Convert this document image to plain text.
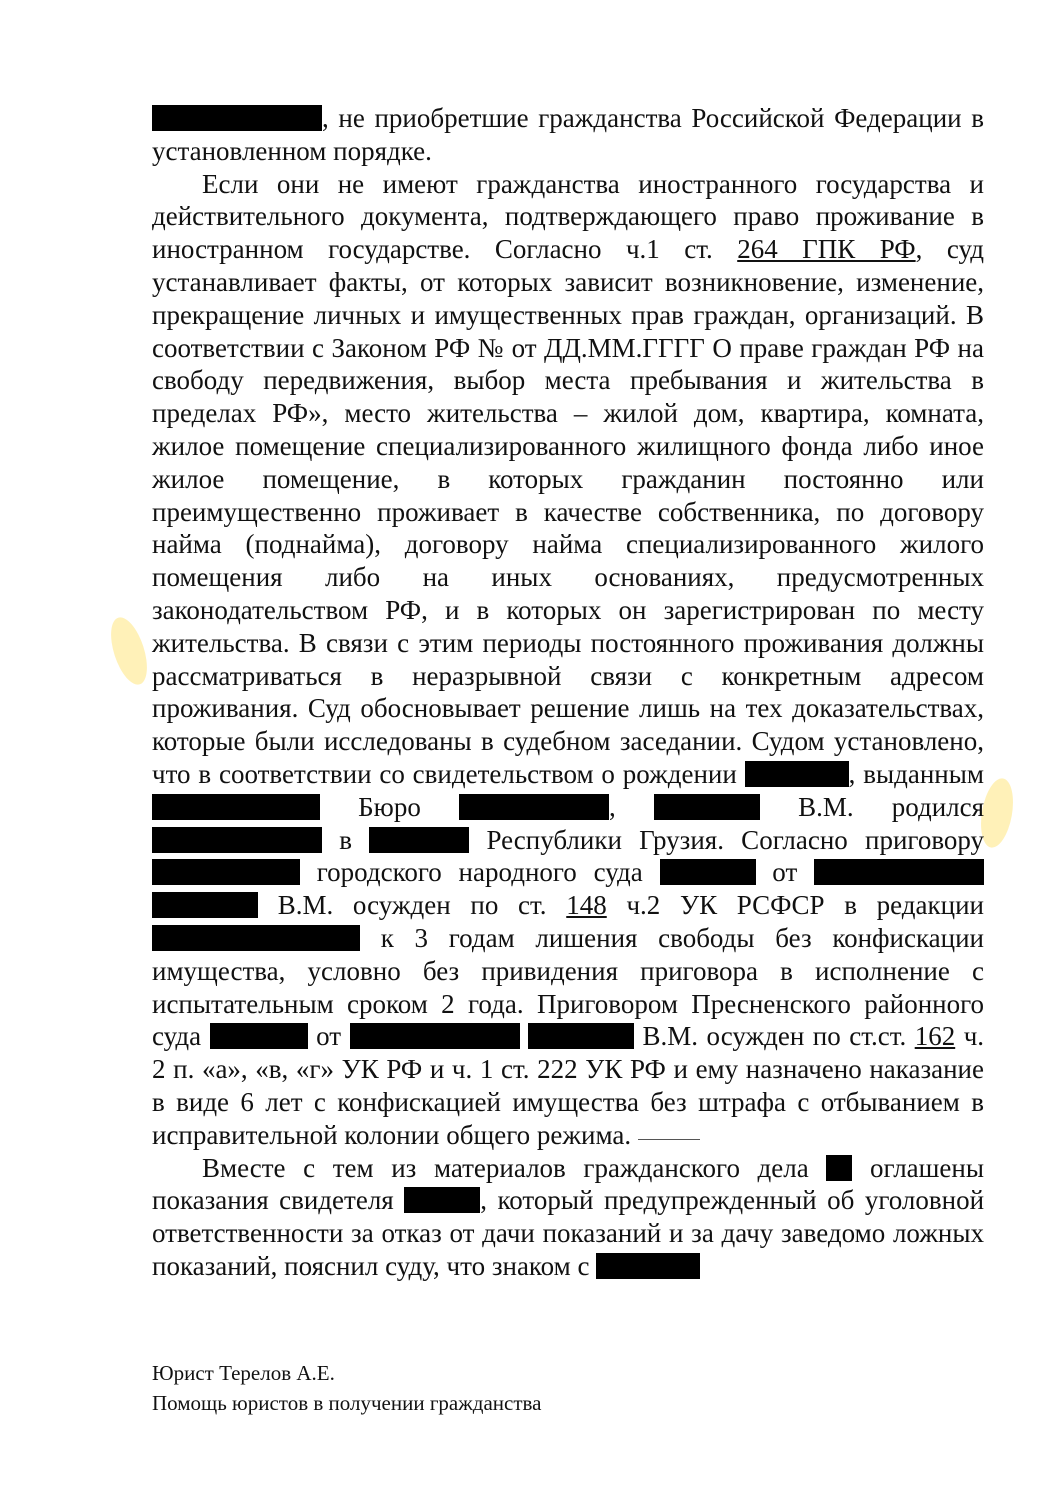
, не приобретшие гражданства Российской Федерации в установленном порядке.

Если они не имеют гражданства иностранного государства и действительного документа, подтверждающего право проживание в иностранном государстве. Согласно ч.1 ст. 264 ГПК РФ, суд устанавливает факты, от которых зависит возникновение, изменение, прекращение личных и имущественных прав граждан, организаций. В соответствии с Законом РФ № от ДД.ММ.ГГГГ О праве граждан РФ на свободу передвижения, выбор места пребывания и жительства в пределах РФ», место жительства – жилой дом, квартира, комната, жилое помещение специализированного жилищного фонда либо иное жилое помещение, в которых гражданин постоянно или преимущественно проживает в качестве собственника, по договору найма (поднайма), договору найма специализированного жилого помещения либо на иных основаниях, предусмотренных законодательством РФ, и в которых он зарегистрирован по месту жительства. В связи с этим периоды постоянного проживания должны рассматриваться в неразрывной связи с конкретным адресом проживания. Суд обосновывает решение лишь на тех доказательствах, которые были исследованы в судебном заседании. Судом установлено, что в соответствии со свидетельством о рождении	, выданным  Бюро	,	В.М. родился  в	Республики Грузия. Согласно приговору  городского народного суда	от   В.М. осужден по ст. 148 ч.2 УК РСФСР в редакции  к 3 годам лишения свободы без конфискации имущества, условно без привидения приговора в исполнение с испытательным сроком 2 года. Приговором Пресненского районного суда	от	В.М. осужден по ст.ст. 162 ч. 2 п. «а», «в, «г» УК РФ и ч. 1 ст. 222 УК РФ и ему назначено наказание в виде 6 лет с конфискацией имущества без штрафа с отбыванием в исправительной колонии общего режима.

Вместе с тем из материалов гражданского дела оглашены показания свидетеля	, который предупрежденный об уголовной ответственности за отказ от дачи показаний и за дачу заведомо ложных показаний, пояснил суду, что знаком с

Юрист Терелов А.Е.
Помощь юристов в получении гражданства
